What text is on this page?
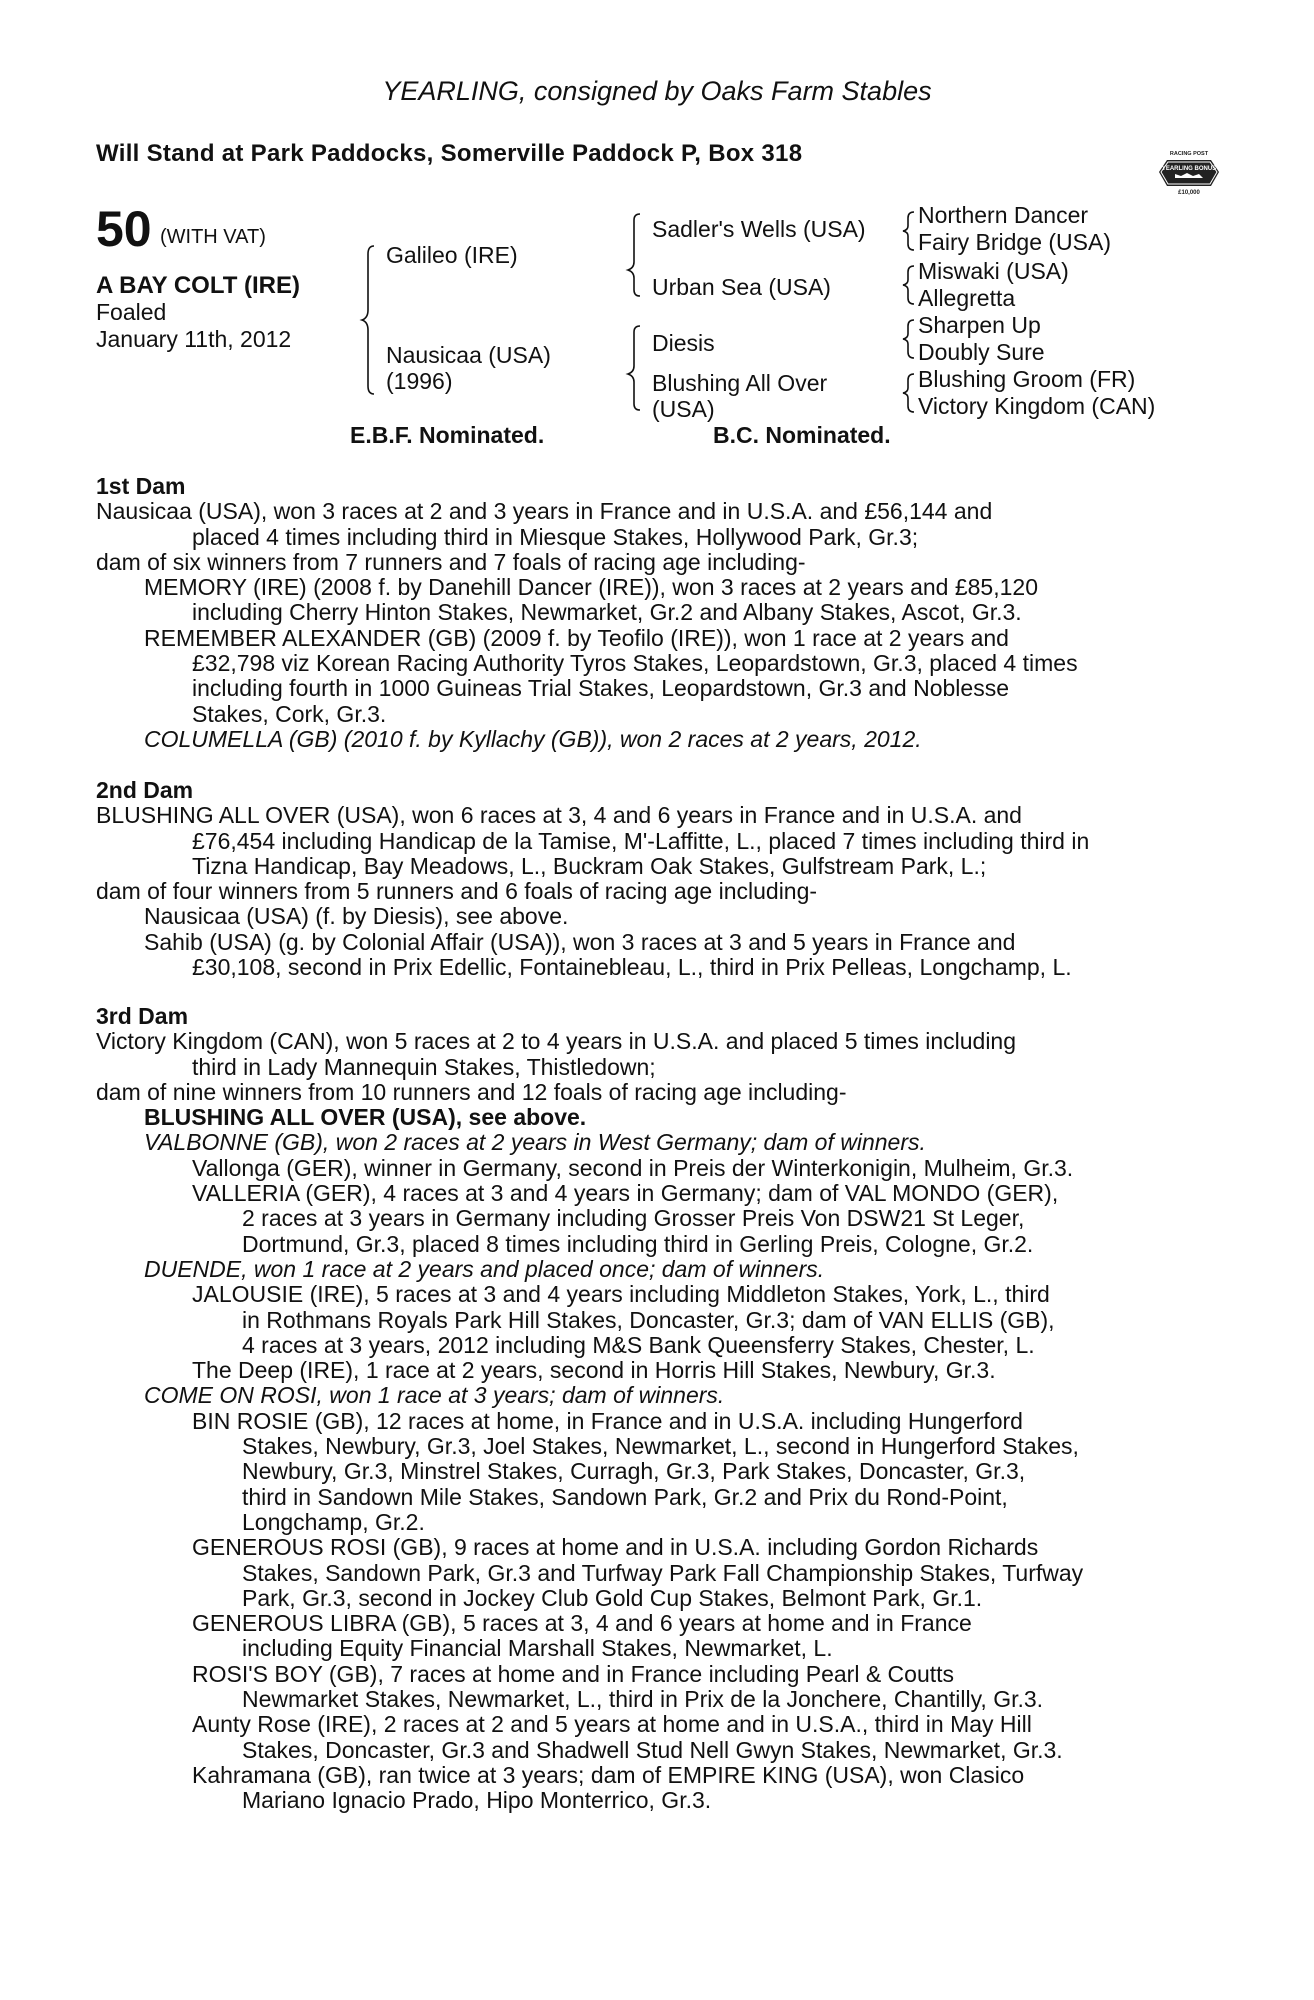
YEARLING, consigned by Oaks Farm Stables
Will Stand at Park Paddocks, Somerville Paddock P, Box 318	RACING POST
YEARLING BONUS
£10,000
50 (WITH VAT)
A BAY COLT (IRE)
Foaled
January 11th, 2012
Galileo (IRE)
Nausicaa (USA)
(1996)
Sadler's Wells (USA)
Urban Sea (USA)
Diesis
Blushing All Over
(USA)
Northern Dancer
Fairy Bridge (USA)
Miswaki (USA)
Allegretta
Sharpen Up
Doubly Sure
Blushing Groom (FR)
Victory Kingdom (CAN)
E.B.F. Nominated.	B.C. Nominated.

1st Dam

Nausicaa (USA), won 3 races at 2 and 3 years in France and in U.S.A. and £56,144 and

placed 4 times including third in Miesque Stakes, Hollywood Park, Gr.3;

dam of six winners from 7 runners and 7 foals of racing age including-

MEMORY (IRE) (2008 f. by Danehill Dancer (IRE)), won 3 races at 2 years and £85,120

including Cherry Hinton Stakes, Newmarket, Gr.2 and Albany Stakes, Ascot, Gr.3.

REMEMBER ALEXANDER (GB) (2009 f. by Teofilo (IRE)), won 1 race at 2 years and

£32,798 viz Korean Racing Authority Tyros Stakes, Leopardstown, Gr.3, placed 4 times

including fourth in 1000 Guineas Trial Stakes, Leopardstown, Gr.3 and Noblesse

Stakes, Cork, Gr.3.

COLUMELLA (GB) (2010 f. by Kyllachy (GB)), won 2 races at 2 years, 2012.

2nd Dam

BLUSHING ALL OVER (USA), won 6 races at 3, 4 and 6 years in France and in U.S.A. and

£76,454 including Handicap de la Tamise, M'-Laffitte, L., placed 7 times including third in

Tizna Handicap, Bay Meadows, L., Buckram Oak Stakes, Gulfstream Park, L.;

dam of four winners from 5 runners and 6 foals of racing age including-

Nausicaa (USA) (f. by Diesis), see above.

Sahib (USA) (g. by Colonial Affair (USA)), won 3 races at 3 and 5 years in France and

£30,108, second in Prix Edellic, Fontainebleau, L., third in Prix Pelleas, Longchamp, L.

3rd Dam

Victory Kingdom (CAN), won 5 races at 2 to 4 years in U.S.A. and placed 5 times including

third in Lady Mannequin Stakes, Thistledown;

dam of nine winners from 10 runners and 12 foals of racing age including-

BLUSHING ALL OVER (USA), see above.

VALBONNE (GB), won 2 races at 2 years in West Germany; dam of winners.

Vallonga (GER), winner in Germany, second in Preis der Winterkonigin, Mulheim, Gr.3.

VALLERIA (GER), 4 races at 3 and 4 years in Germany; dam of VAL MONDO (GER),

2 races at 3 years in Germany including Grosser Preis Von DSW21 St Leger,

Dortmund, Gr.3, placed 8 times including third in Gerling Preis, Cologne, Gr.2.

DUENDE, won 1 race at 2 years and placed once; dam of winners.

JALOUSIE (IRE), 5 races at 3 and 4 years including Middleton Stakes, York, L., third

in Rothmans Royals Park Hill Stakes, Doncaster, Gr.3; dam of VAN ELLIS (GB),

4 races at 3 years, 2012 including M&S Bank Queensferry Stakes, Chester, L.

The Deep (IRE), 1 race at 2 years, second in Horris Hill Stakes, Newbury, Gr.3.

COME ON ROSI, won 1 race at 3 years; dam of winners.

BIN ROSIE (GB), 12 races at home, in France and in U.S.A. including Hungerford

Stakes, Newbury, Gr.3, Joel Stakes, Newmarket, L., second in Hungerford Stakes,

Newbury, Gr.3, Minstrel Stakes, Curragh, Gr.3, Park Stakes, Doncaster, Gr.3,

third in Sandown Mile Stakes, Sandown Park, Gr.2 and Prix du Rond-Point,

Longchamp, Gr.2.

GENEROUS ROSI (GB), 9 races at home and in U.S.A. including Gordon Richards

Stakes, Sandown Park, Gr.3 and Turfway Park Fall Championship Stakes, Turfway

Park, Gr.3, second in Jockey Club Gold Cup Stakes, Belmont Park, Gr.1.

GENEROUS LIBRA (GB), 5 races at 3, 4 and 6 years at home and in France

including Equity Financial Marshall Stakes, Newmarket, L.

ROSI'S BOY (GB), 7 races at home and in France including Pearl & Coutts

Newmarket Stakes, Newmarket, L., third in Prix de la Jonchere, Chantilly, Gr.3.

Aunty Rose (IRE), 2 races at 2 and 5 years at home and in U.S.A., third in May Hill

Stakes, Doncaster, Gr.3 and Shadwell Stud Nell Gwyn Stakes, Newmarket, Gr.3.

Kahramana (GB), ran twice at 3 years; dam of EMPIRE KING (USA), won Clasico

Mariano Ignacio Prado, Hipo Monterrico, Gr.3.
